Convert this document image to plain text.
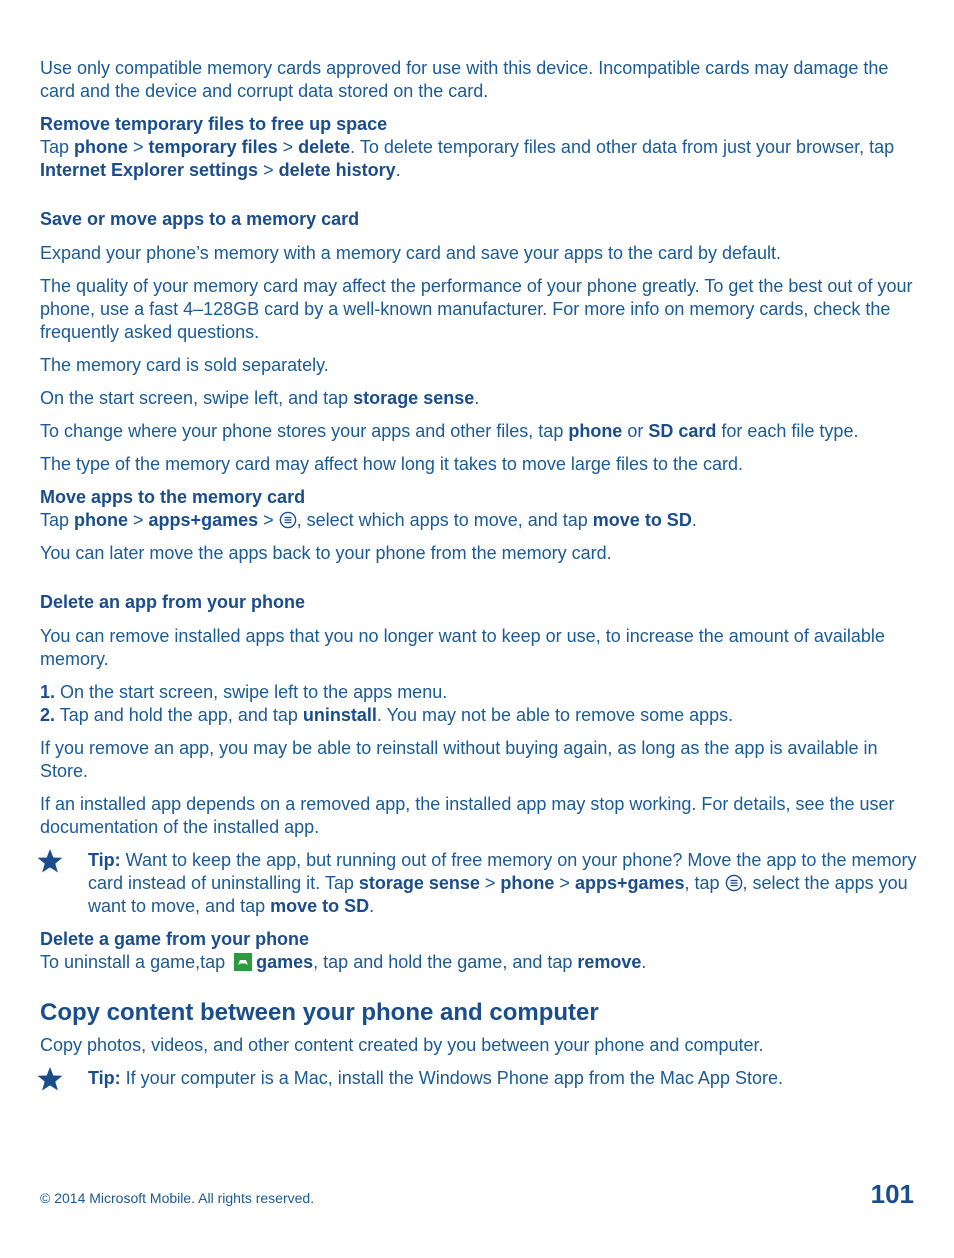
Use only compatible memory cards approved for use with this device. Incompatible cards may damage the card and the device and corrupt data stored on the card.

Remove temporary files to free up space

Tap phone > temporary files > delete. To delete temporary files and other data from just your browser, tap Internet Explorer settings > delete history.

Save or move apps to a memory card

Expand your phone’s memory with a memory card and save your apps to the card by default.

The quality of your memory card may affect the performance of your phone greatly. To get the best out of your phone, use a fast 4–128GB card by a well-known manufacturer. For more info on memory cards, check the frequently asked questions.

The memory card is sold separately.

On the start screen, swipe left, and tap storage sense.

To change where your phone stores your apps and other files, tap phone or SD card for each file type.

The type of the memory card may affect how long it takes to move large files to the card.

Move apps to the memory card

Tap phone > apps+games > , select which apps to move, and tap move to SD.

You can later move the apps back to your phone from the memory card.

Delete an app from your phone

You can remove installed apps that you no longer want to keep or use, to increase the amount of available memory.

1. On the start screen, swipe left to the apps menu.

2. Tap and hold the app, and tap uninstall. You may not be able to remove some apps.

If you remove an app, you may be able to reinstall without buying again, as long as the app is available in Store.

If an installed app depends on a removed app, the installed app may stop working. For details, see the user documentation of the installed app.

Tip: Want to keep the app, but running out of free memory on your phone? Move the app to the memory card instead of uninstalling it. Tap storage sense > phone > apps+games, tap , select the apps you want to move, and tap move to SD.

Delete a game from your phone

To uninstall a game,tap games, tap and hold the game, and tap remove.

Copy content between your phone and computer

Copy photos, videos, and other content created by you between your phone and computer.

Tip: If your computer is a Mac, install the Windows Phone app from the Mac App Store.

© 2014 Microsoft Mobile. All rights reserved.	101
